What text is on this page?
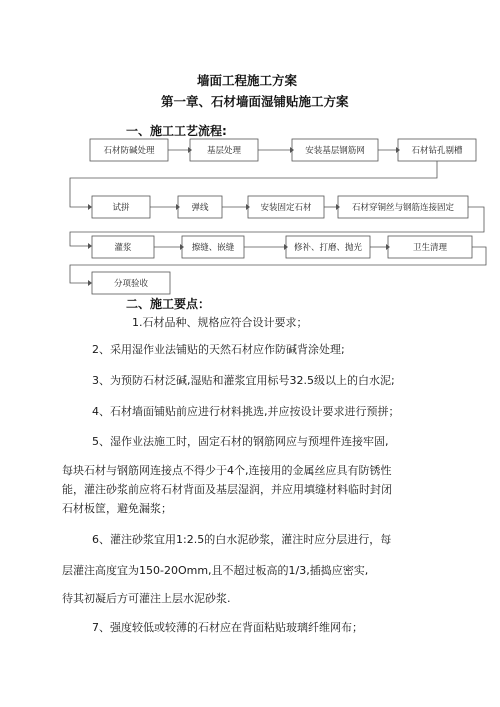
墙面工程施工方案
第一章、石材墙面湿铺贴施工方案
一、施工工艺流程:
石材防碱处理	基层处理	安装基层钢筋网	石材钻孔剔槽
试拼	弹线	安装固定石材	石材穿铜丝与钢筋连接固定
灌浆	擦缝、嵌缝	修补、打磨、抛光	卫生清理
分项验收
二、施工要点：
1.石材品种、规格应符合设计要求；
2、采用湿作业法铺贴的天然石材应作防碱背涂处理;
3、为预防石材泛碱,湿贴和灌浆宜用标号32.5级以上的白水泥;
4、石材墙面铺贴前应进行材料挑选,并应按设计要求进行预拼；
5、湿作业法施工时，固定石材的钢筋网应与预埋件连接牢固,
每块石材与钢筋网连接点不得少于4个,连接用的金属丝应具有防锈性
能，灌注砂浆前应将石材背面及基层湿润，并应用填缝材料临时封闭
石材板筐，避免漏浆；
6、灌注砂浆宜用1:2.5的白水泥砂浆，灌注时应分层进行，每
层灌注高度宜为150-20Omm,且不超过板高的1/3,插捣应密实,
待其初凝后方可灌注上层水泥砂浆.
7、强度较低或较薄的石材应在背面粘贴玻璃纤维网布；
